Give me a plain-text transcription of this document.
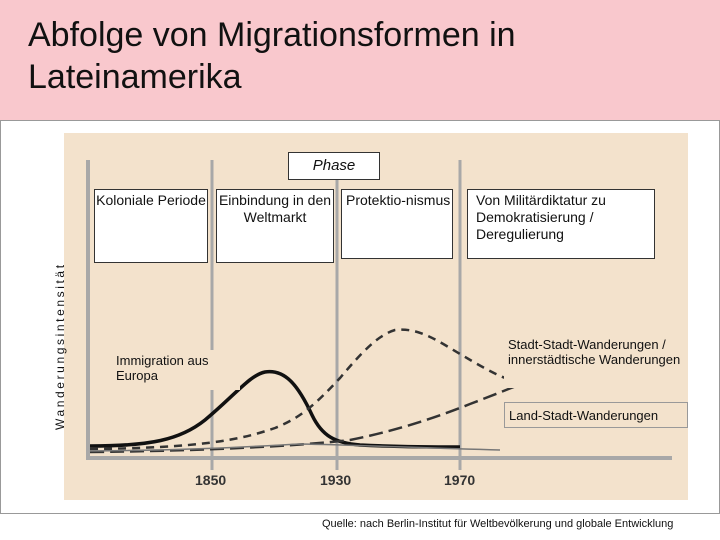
Abfolge von Migrationsformen in Lateinamerika
Phase
Koloniale Periode Einbindung in den Weltmarkt
Protektio-nismus	Von Militärdiktatur zu Demokratisierung / Deregulierung
Immigration aus Europa
Stadt-Stadt-Wanderungen / innerstädtische Wanderungen
Land-Stadt-Wanderungen
1850	1930	1970
Wanderungsintensität
Quelle: nach Berlin-Institut für Weltbevölkerung und globale Entwicklung
